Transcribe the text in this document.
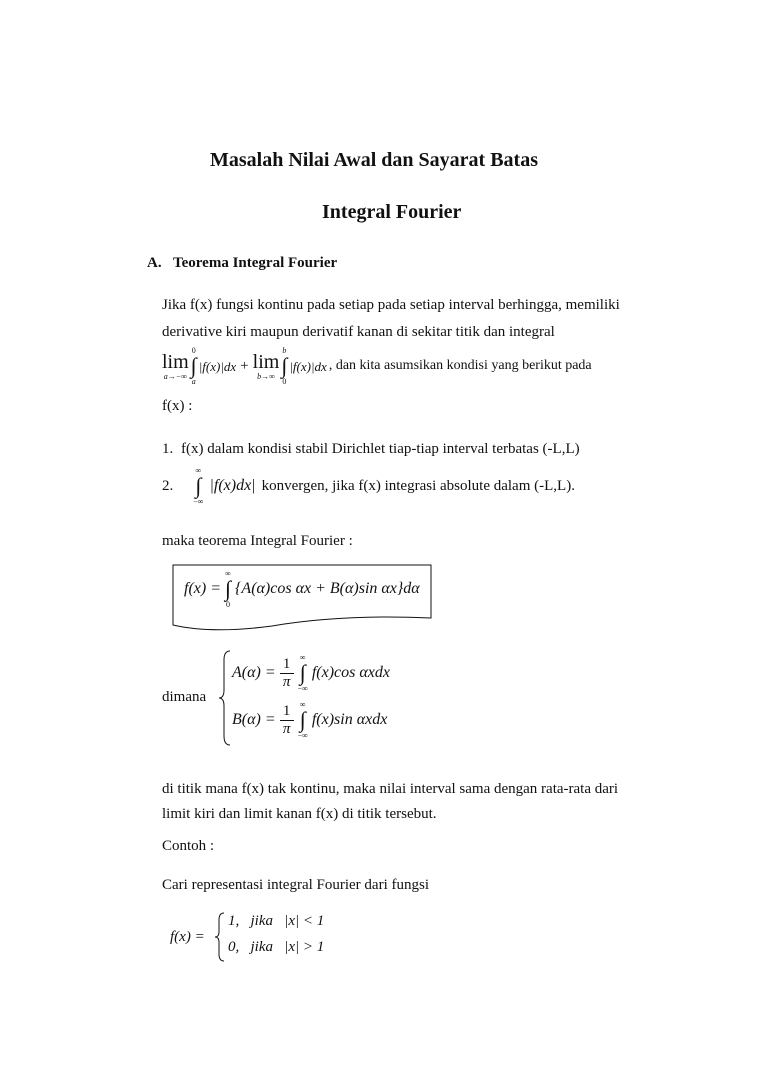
Masalah Nilai Awal dan Sayarat Batas
Integral Fourier
A. Teorema Integral Fourier
Jika f(x) fungsi kontinu pada setiap pada setiap interval berhingga, memiliki
derivative kiri maupun derivatif kanan di sekitar titik dan integral
lim
a→−∞
0
∫
a
|f(x)|dx + lim
b→∞
b
∫
0
|f(x)|dx , dan kita asumsikan kondisi yang berikut pada
f(x) :
1. f(x) dalam kondisi stabil Dirichlet tiap-tiap interval terbatas (-L,L)
2.
∞
∫
−∞
|f(x)dx| konvergen, jika f(x) integrasi absolute dalam (-L,L).
maka teorema Integral Fourier :
f(x) =
∞
∫
0
{A(α)cos αx + B(α)sin αx}dα
dimana
$A(\alpha) = \frac{1}{\pi}$ ∞
∫
−∞
f(x)cos αxdx
$B(\alpha) = \frac{1}{\pi}$ ∞
∫
−∞
f(x)sin αxdx
di titik mana f(x) tak kontinu, maka nilai interval sama dengan rata-rata dari
limit kiri dan limit kanan f(x) di titik tersebut.
Contoh :
Cari representasi integral Fourier dari fungsi
f(x) =
1,   jika   |x| < 1
0,   jika   |x| > 1
